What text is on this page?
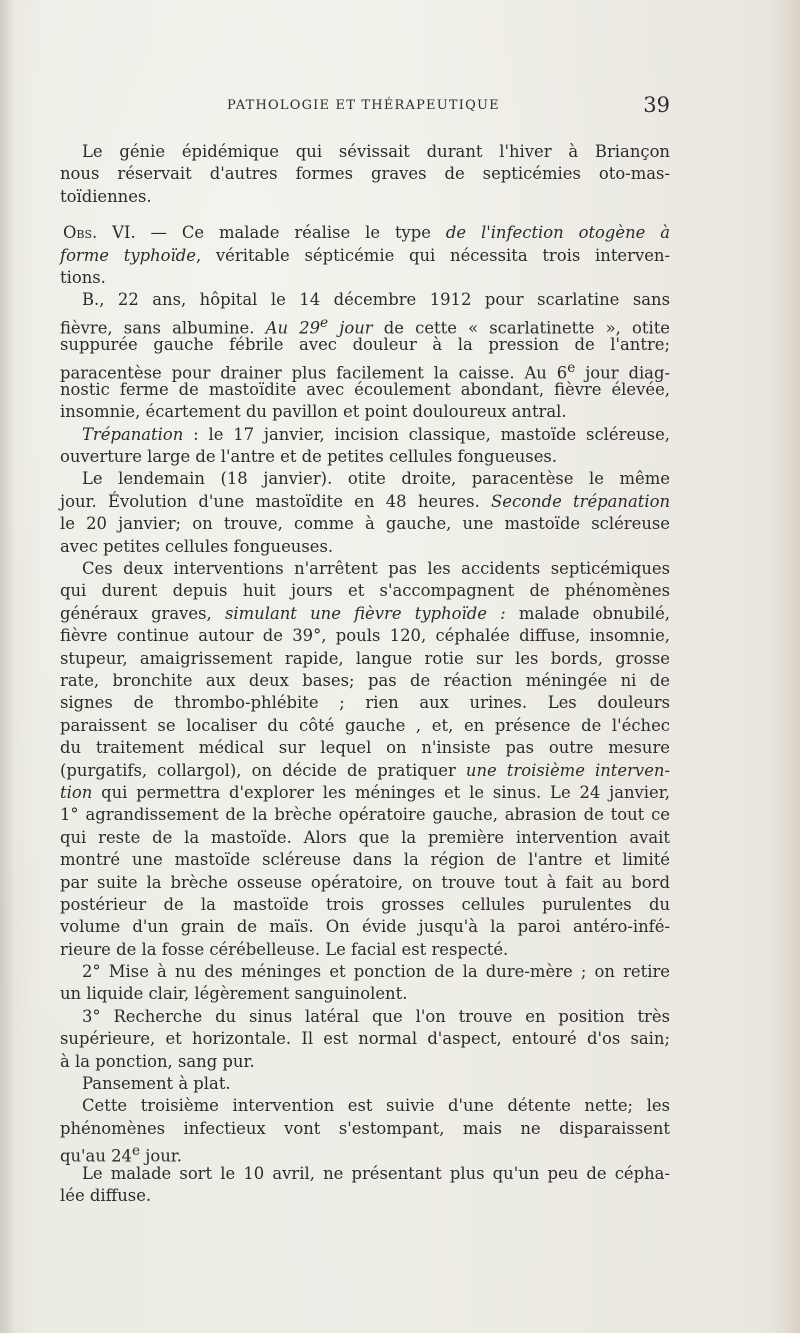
PATHOLOGIE ET THÉRAPEUTIQUE	39
Le génie épidémique qui sévissait durant l'hiver à Briançon
nous réservait d'autres formes graves de septicémies oto-mas-
toïdiennes.
Obs. VI. — Ce malade réalise le type de l'infection otogène à
forme typhoïde, véritable sépticémie qui nécessita trois interven-
tions.
B., 22 ans, hôpital le 14 décembre 1912 pour scarlatine sans
fièvre, sans albumine. Au 29e jour de cette « scarlatinette », otite
suppurée gauche fébrile avec douleur à la pression de l'antre;
paracentèse pour drainer plus facilement la caisse. Au 6e jour diag-
nostic ferme de mastoïdite avec écoulement abondant, fièvre élevée,
insomnie, écartement du pavillon et point douloureux antral.
Trépanation : le 17 janvier, incision classique, mastoïde scléreuse,
ouverture large de l'antre et de petites cellules fongueuses.
Le lendemain (18 janvier). otite droite, paracentèse le même
jour. Évolution d'une mastoïdite en 48 heures. Seconde trépanation
le 20 janvier; on trouve, comme à gauche, une mastoïde scléreuse
avec petites cellules fongueuses.
Ces deux interventions n'arrêtent pas les accidents septicémiques
qui durent depuis huit jours et s'accompagnent de phénomènes
généraux graves, simulant une fièvre typhoïde : malade obnubilé,
fièvre continue autour de 39°, pouls 120, céphalée diffuse, insomnie,
stupeur, amaigrissement rapide, langue rotie sur les bords, grosse
rate, bronchite aux deux bases; pas de réaction méningée ni de
signes de thrombo-phlébite ; rien aux urines. Les douleurs
paraissent se localiser du côté gauche , et, en présence de l'échec
du traitement médical sur lequel on n'insiste pas outre mesure
(purgatifs, collargol), on décide de pratiquer une troisième interven-
tion qui permettra d'explorer les méninges et le sinus. Le 24 janvier,
1° agrandissement de la brèche opératoire gauche, abrasion de tout ce
qui reste de la mastoïde. Alors que la première intervention avait
montré une mastoïde scléreuse dans la région de l'antre et limité
par suite la brèche osseuse opératoire, on trouve tout à fait au bord
postérieur de la mastoïde trois grosses cellules purulentes du
volume d'un grain de maïs. On évide jusqu'à la paroi antéro-infé-
rieure de la fosse cérébelleuse. Le facial est respecté.
2° Mise à nu des méninges et ponction de la dure-mère ; on retire
un liquide clair, légèrement sanguinolent.
3° Recherche du sinus latéral que l'on trouve en position très
supérieure, et horizontale. Il est normal d'aspect, entouré d'os sain;
à la ponction, sang pur.
Pansement à plat.
Cette troisième intervention est suivie d'une détente nette; les
phénomènes infectieux vont s'estompant, mais ne disparaissent
qu'au 24e jour.
Le malade sort le 10 avril, ne présentant plus qu'un peu de cépha-
lée diffuse.
